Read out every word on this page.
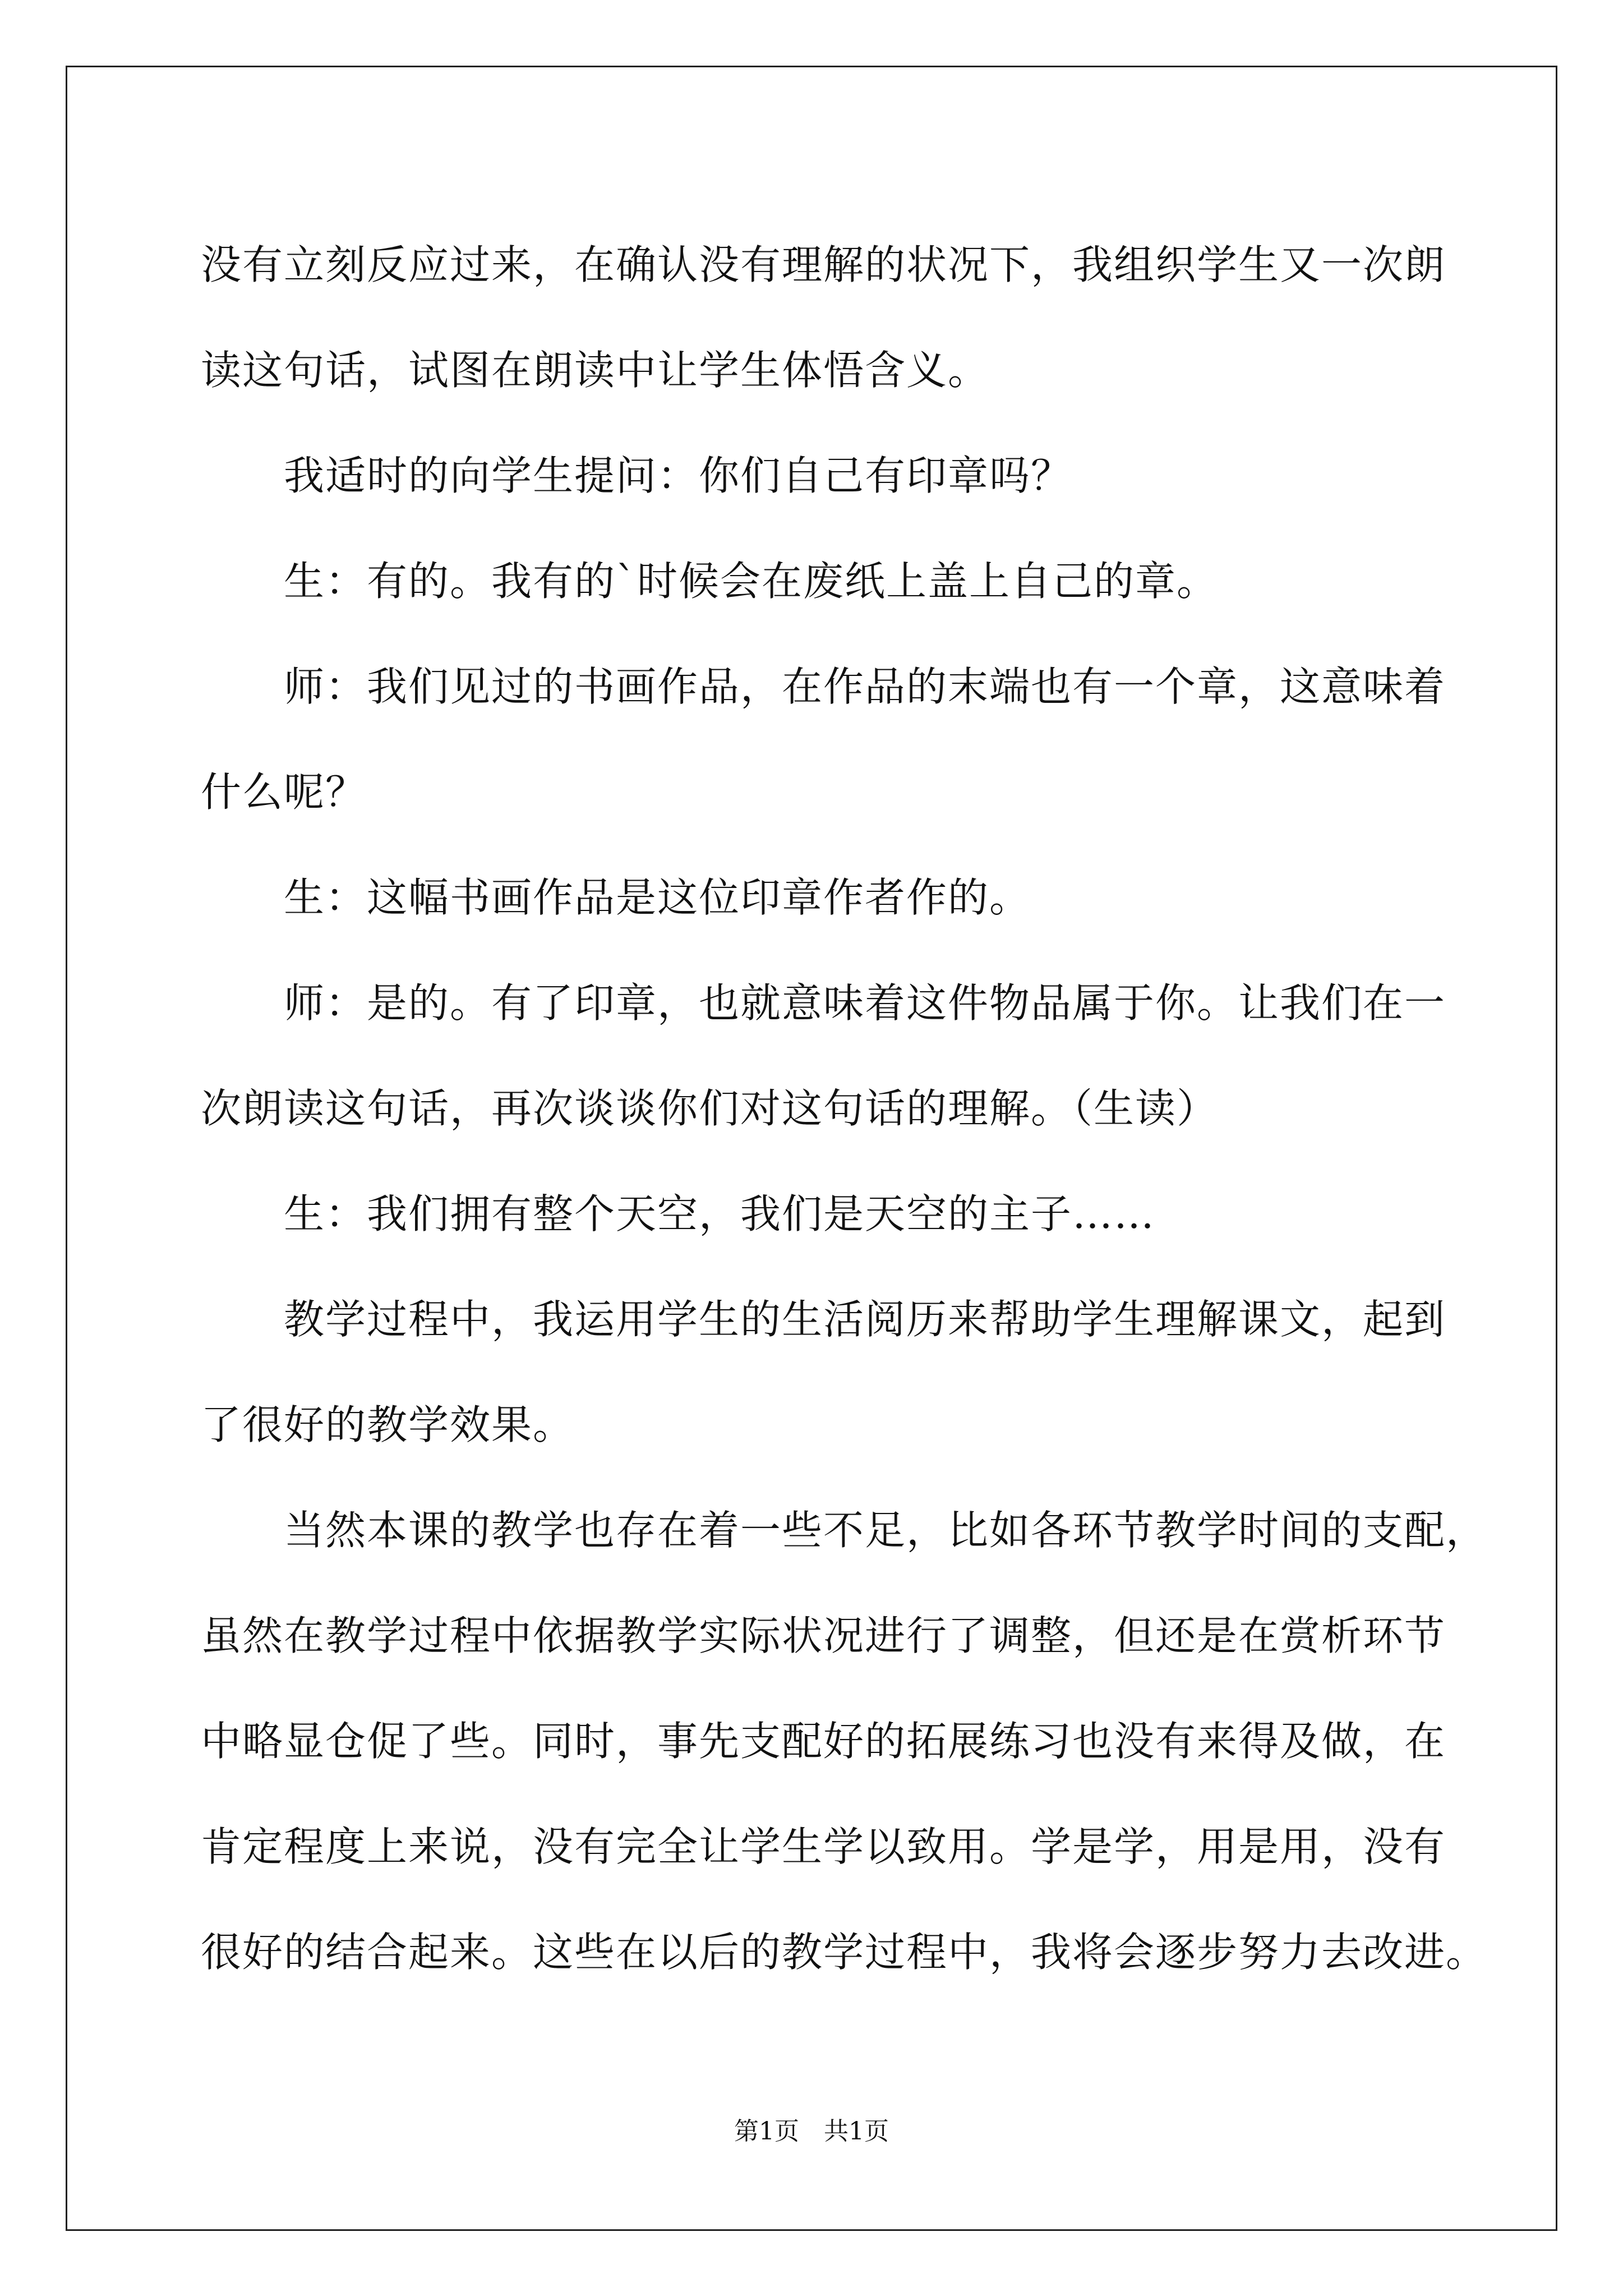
没有立刻反应过来，在确认没有理解的状况下，我组织学生又一次朗
读这句话，试图在朗读中让学生体悟含义。
我适时的向学生提问：你们自己有印章吗？
生：有的。我有的`时候会在废纸上盖上自己的章。
师：我们见过的书画作品，在作品的末端也有一个章，这意味着
什么呢？
生：这幅书画作品是这位印章作者作的。
师：是的。有了印章，也就意味着这件物品属于你。让我们在一
次朗读这句话，再次谈谈你们对这句话的理解。（生读）
生：我们拥有整个天空，我们是天空的主子……
教学过程中，我运用学生的生活阅历来帮助学生理解课文，起到
了很好的教学效果。
当然本课的教学也存在着一些不足，比如各环节教学时间的支配，
虽然在教学过程中依据教学实际状况进行了调整，但还是在赏析环节
中略显仓促了些。同时，事先支配好的拓展练习也没有来得及做，在
肯定程度上来说，没有完全让学生学以致用。学是学，用是用，没有
很好的结合起来。这些在以后的教学过程中，我将会逐步努力去改进。
第1页　共1页
